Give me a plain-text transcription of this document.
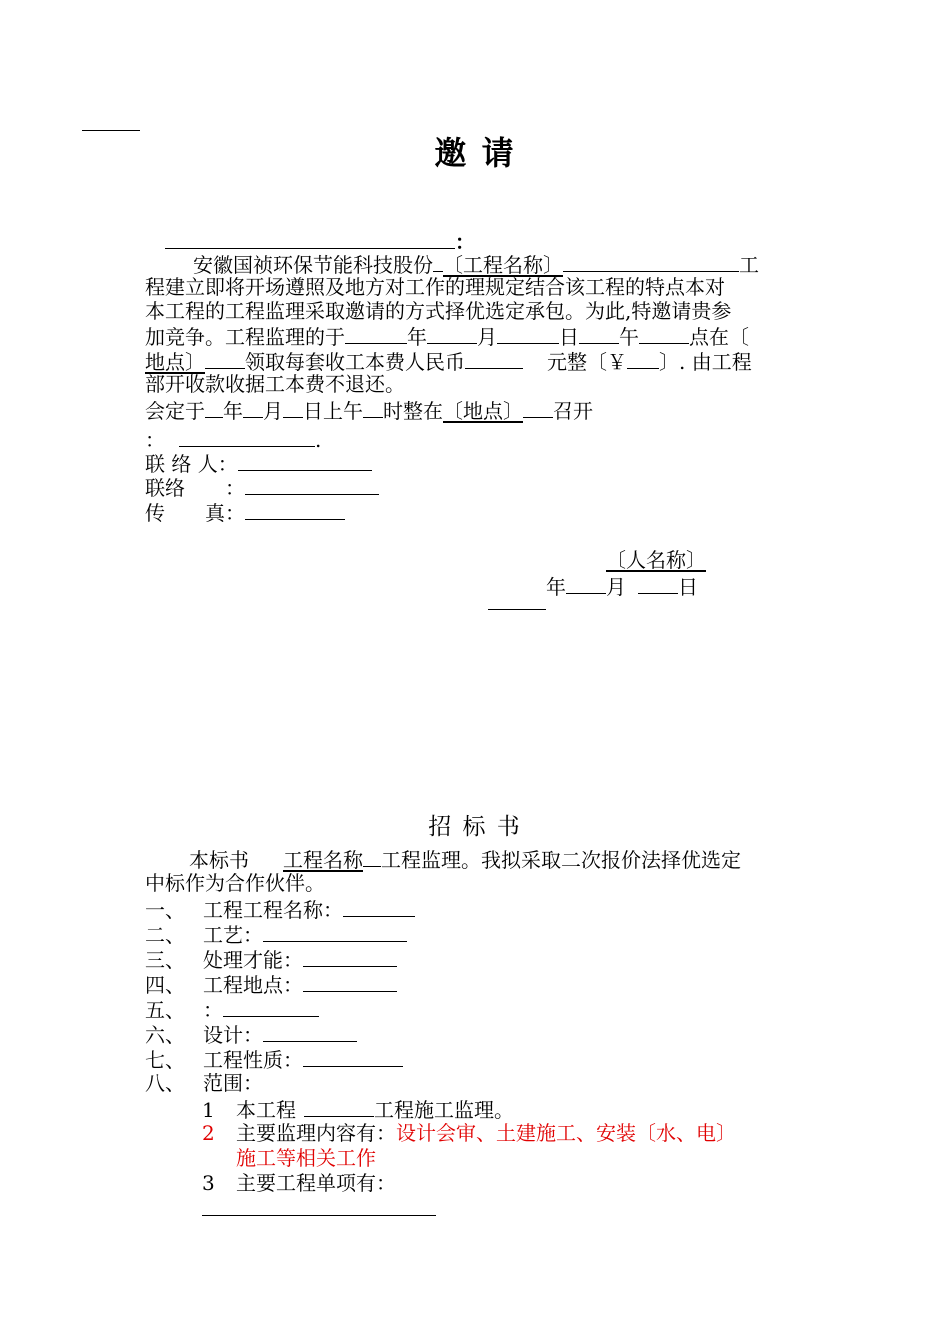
邀 请
：
安徽国祯环保节能科技股份 〔工程名称〕	工
程建立即将开场遵照及地方对工作的理规定结合该工程的特点本对
本工程的工程监理采取邀请的方式择优选定承包。为此,特邀请贵参
加竞争。工程监理的于	年	月	日 午	点在〔
地点〕 领取每套收工本费人民币	元整〔￥ 〕. 由工程
部开收款收据工本费不退还。
会定于 年 月 日上午 时整在〔地点〕 召开
：	.
联 络 人：
联络　　：
传　　真：
〔人名称〕
年 月	日
招 标 书
本标书 工程名称 工程监理。我拟采取二次报价法择优选定
中标作为合作伙伴。
一、 工程工程名称：
二、 工艺：
三、 处理才能：
四、 工程地点：
五、 ：
六、 设计：
七、 工程性质：
八、 范围：
1 本工程	工程施工监理。
2 主要监理内容有：设计会审、土建施工、安装〔水、电〕
施工等相关工作
3 主要工程单项有：
